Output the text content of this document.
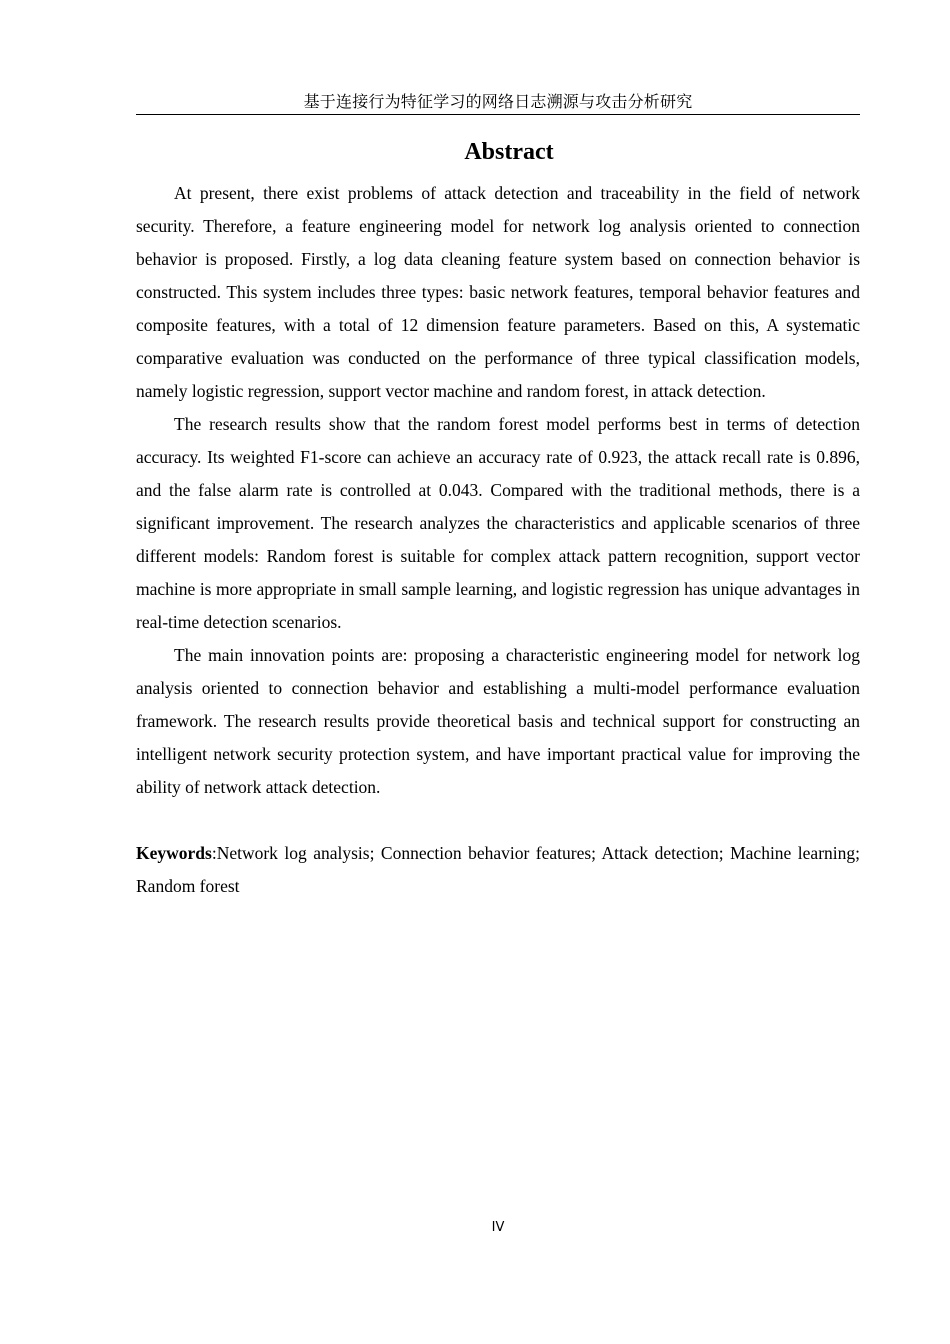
基于连接行为特征学习的网络日志溯源与攻击分析研究
Abstract

At present, there exist problems of attack detection and traceability in the field of network security. Therefore, a feature engineering model for network log analysis oriented to connection behavior is proposed. Firstly, a log data cleaning feature system based on connection behavior is constructed. This system includes three types: basic network features, temporal behavior features and composite features, with a total of 12 dimension feature parameters. Based on this, A systematic comparative evaluation was conducted on the performance of three typical classification models, namely logistic regression, support vector machine and random forest, in attack detection.

The research results show that the random forest model performs best in terms of detection accuracy. Its weighted F1-score can achieve an accuracy rate of 0.923, the attack recall rate is 0.896, and the false alarm rate is controlled at 0.043. Compared with the traditional methods, there is a significant improvement. The research analyzes the characteristics and applicable scenarios of three different models: Random forest is suitable for complex attack pattern recognition, support vector machine is more appropriate in small sample learning, and logistic regression has unique advantages in real-time detection scenarios.

The main innovation points are: proposing a characteristic engineering model for network log analysis oriented to connection behavior and establishing a multi-model performance evaluation framework. The research results provide theoretical basis and technical support for constructing an intelligent network security protection system, and have important practical value for improving the ability of network attack detection.

Keywords:Network log analysis; Connection behavior features; Attack detection; Machine learning; Random forest

IV
